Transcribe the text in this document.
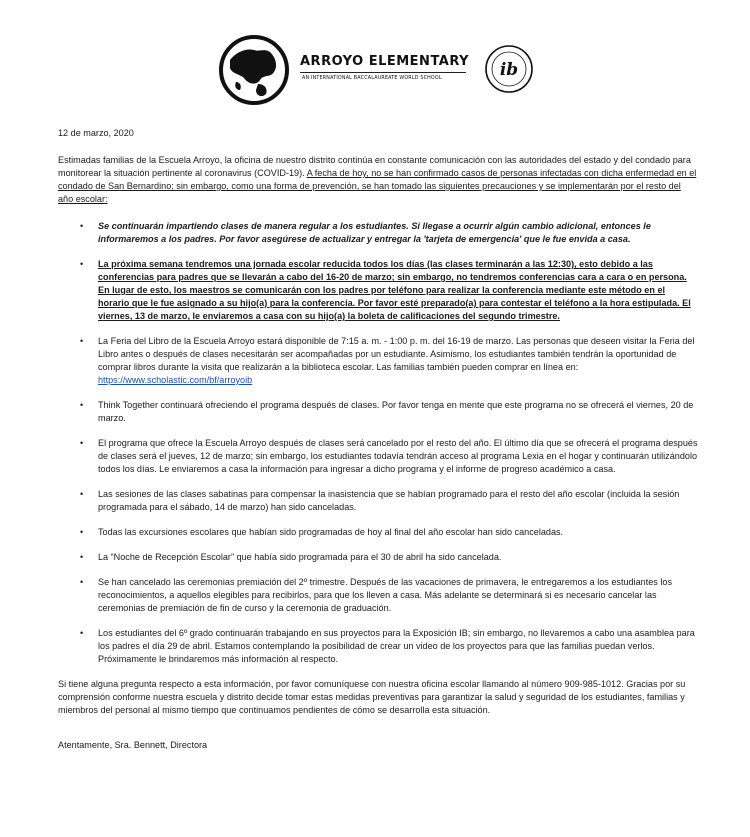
ARROYO ELEMENTARY
AN INTERNATIONAL BACCALAUREATE WORLD SCHOOL	ib

12 de marzo, 2020

Estimadas familias de la Escuela Arroyo, la oficina de nuestro distrito continúa en constante comunicación con las autoridades del estado y del condado para monitorear la situación pertinente al coronavirus (COVID-19). A fecha de hoy, no se han confirmado casos de personas infectadas con dicha enfermedad en el condado de San Bernardino; sin embargo, como una forma de prevención, se han tomado las siguientes precauciones y se implementarán por el resto del año escolar:

• Se continuarán impartiendo clases de manera regular a los estudiantes. Si llegase a ocurrir algún cambio adicional, entonces le informaremos a los padres. Por favor asegúrese de actualizar y entregar la 'tarjeta de emergencia' que le fue envida a casa.
• La próxima semana tendremos una jornada escolar reducida todos los días (las clases terminarán a las 12:30), esto debido a las conferencias para padres que se llevarán a cabo del 16-20 de marzo; sin embargo, no tendremos conferencias cara a cara o en persona. En lugar de esto, los maestros se comunicarán con los padres por teléfono para realizar la conferencia mediante este método en el horario que le fue asignado a su hijo(a) para la conferencia. Por favor esté preparado(a) para contestar el teléfono a la hora estipulada. El viernes, 13 de marzo, le enviaremos a casa con su hijo(a) la boleta de calificaciones del segundo trimestre.
• La Feria del Libro de la Escuela Arroyo estará disponible de 7:15 a. m. - 1:00 p. m. del 16-19 de marzo. Las personas que deseen visitar la Feria del Libro antes o después de clases necesitarán ser acompañadas por un estudiante. Asimismo, los estudiantes también tendrán la oportunidad de comprar libros durante la visita que realizarán a la biblioteca escolar. Las familias también pueden comprar en línea en:
https://www.scholastic.com/bf/arroyoib
• Think Together continuará ofreciendo el programa después de clases. Por favor tenga en mente que este programa no se ofrecerá el viernes, 20 de marzo.
• El programa que ofrece la Escuela Arroyo después de clases será cancelado por el resto del año. El último día que se ofrecerá el programa después de clases será el jueves, 12 de marzo; sin embargo, los estudiantes todavía tendrán acceso al programa Lexia en el hogar y continuarán utilizándolo todos los días. Le enviaremos a casa la información para ingresar a dicho programa y el informe de progreso académico a casa.
• Las sesiones de las clases sabatinas para compensar la inasistencia que se habían programado para el resto del año escolar (incluida la sesión programada para el sábado, 14 de marzo) han sido canceladas.
• Todas las excursiones escolares que habían sido programadas de hoy al final del año escolar han sido canceladas.
• La “Noche de Recepción Escolar” que había sido programada para el 30 de abril ha sido cancelada.
• Se han cancelado las ceremonias premiación del 2º trimestre. Después de las vacaciones de primavera, le entregaremos a los estudiantes los reconocimientos, a aquellos elegibles para recibirlos, para que los lleven a casa. Más adelante se determinará si es necesario cancelar las ceremonias de premiación de fin de curso y la ceremonia de graduación.
• Los estudiantes del 6º grado continuarán trabajando en sus proyectos para la Exposición IB; sin embargo, no llevaremos a cabo una asamblea para los padres el día 29 de abril. Estamos contemplando la posibilidad de crear un video de los proyectos para que las familias puedan verlos. Próximamente le brindaremos más información al respecto.

Si tiene alguna pregunta respecto a esta información, por favor comuníquese con nuestra oficina escolar llamando al número 909-985-1012. Gracias por su comprensión conforme nuestra escuela y distrito decide tomar estas medidas preventivas para garantizar la salud y seguridad de los estudiantes, familias y miembros del personal al mismo tiempo que continuamos pendientes de cómo se desarrolla esta situación.

Atentamente, Sra. Bennett, Directora
